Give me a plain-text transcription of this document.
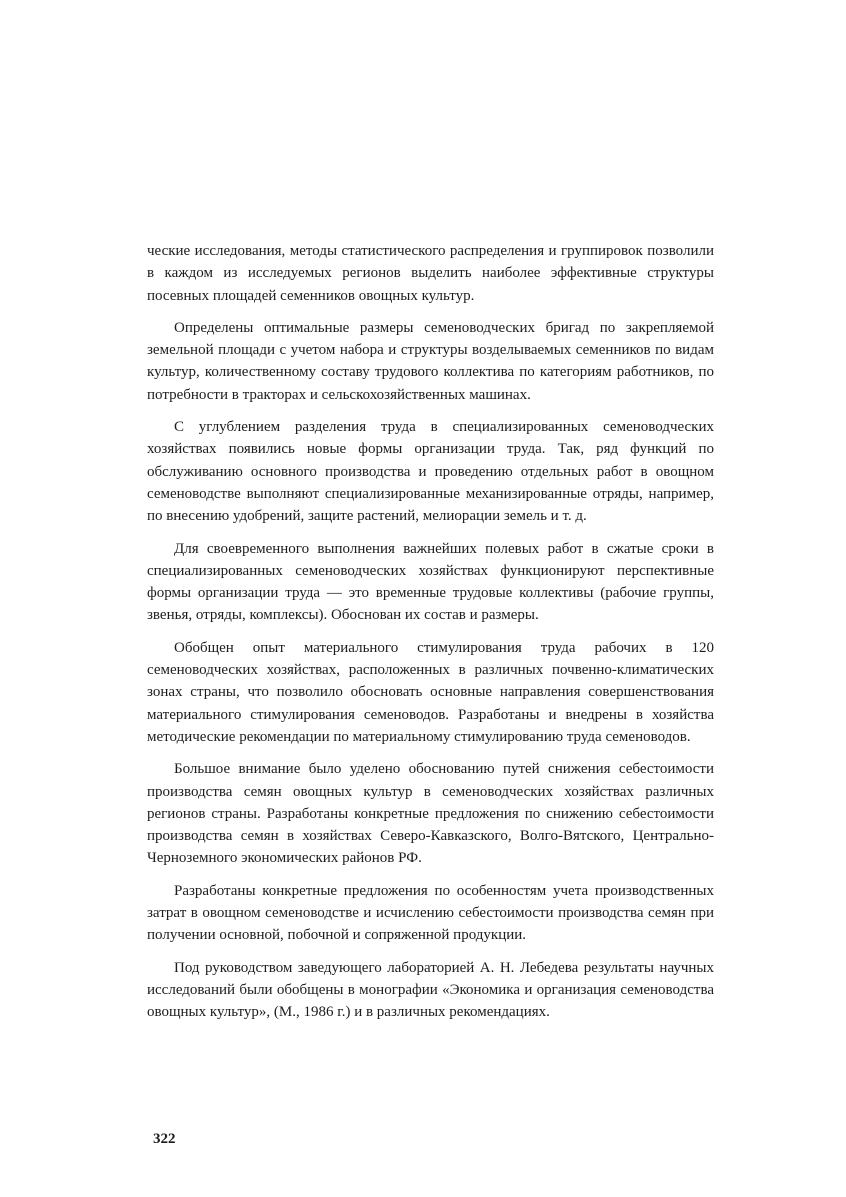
ческие исследования, методы статистического распределения и группировок позволили в каждом из исследуемых регионов выделить наиболее эффективные структуры посевных площадей семенников овощных культур.

Определены оптимальные размеры семеноводческих бригад по закрепляемой земельной площади с учетом набора и структуры возделываемых семенников по видам культур, количественному составу трудового коллектива по категориям работников, по потребности в тракторах и сельскохозяйственных машинах.

С углублением разделения труда в специализированных семеноводческих хозяйствах появились новые формы организации труда. Так, ряд функций по обслуживанию основного производства и проведению отдельных работ в овощном семеноводстве выполняют специализированные механизированные отряды, например, по внесению удобрений, защите растений, мелиорации земель и т. д.

Для своевременного выполнения важнейших полевых работ в сжатые сроки в специализированных семеноводческих хозяйствах функционируют перспективные формы организации труда — это временные трудовые коллективы (рабочие группы, звенья, отряды, комплексы). Обоснован их состав и размеры.

Обобщен опыт материального стимулирования труда рабочих в 120 семеноводческих хозяйствах, расположенных в различных почвенно-климатических зонах страны, что позволило обосновать основные направления совершенствования материального стимулирования семеноводов. Разработаны и внедрены в хозяйства методические рекомендации по материальному стимулированию труда семеноводов.

Большое внимание было уделено обоснованию путей снижения себестоимости производства семян овощных культур в семеноводческих хозяйствах различных регионов страны. Разработаны конкретные предложения по снижению себестоимости производства семян в хозяйствах Северо-Кавказского, Волго-Вятского, Центрально-Черноземного экономических районов РФ.

Разработаны конкретные предложения по особенностям учета производственных затрат в овощном семеноводстве и исчислению себестоимости производства семян при получении основной, побочной и сопряженной продукции.

Под руководством заведующего лабораторией А. Н. Лебедева результаты научных исследований были обобщены в монографии «Экономика и организация семеноводства овощных культур», (М., 1986 г.) и в различных рекомендациях.

322
